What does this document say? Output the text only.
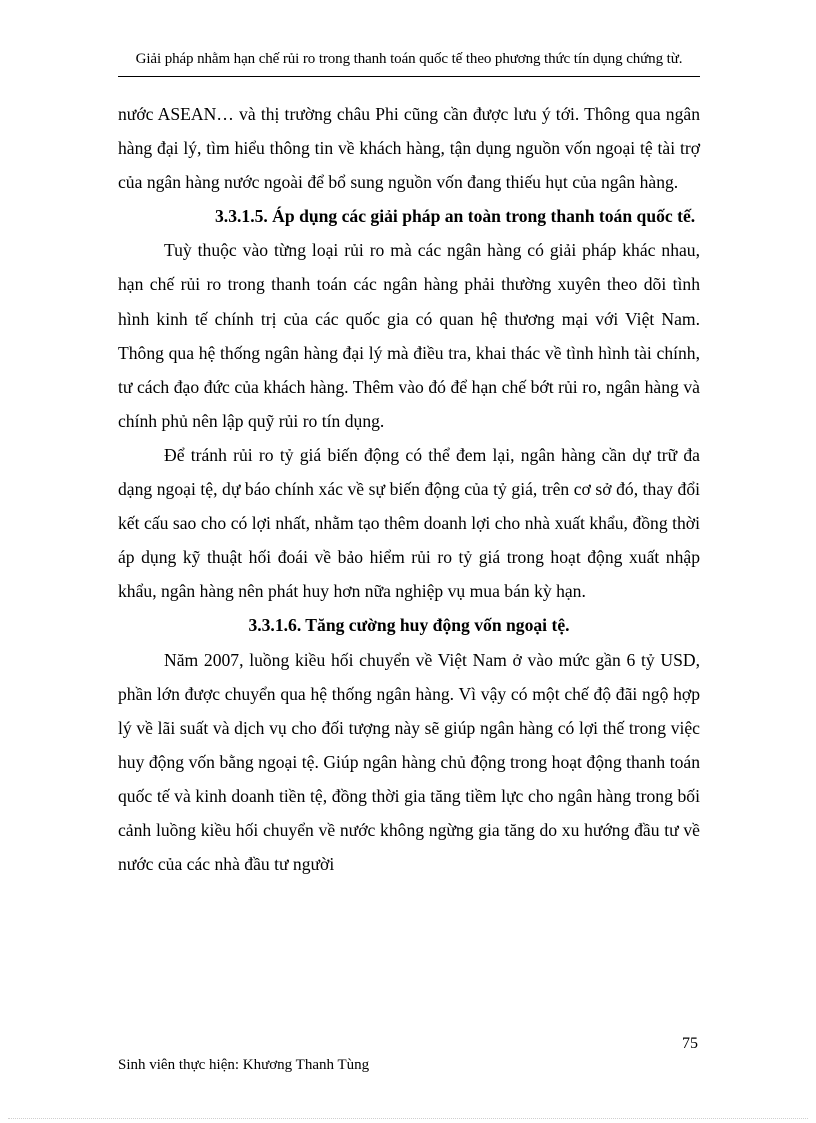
Giải pháp nhằm hạn chế rủi ro trong thanh toán quốc tế theo phương thức tín dụng chứng từ.

nước ASEAN… và thị trường châu Phi cũng cần được lưu ý tới. Thông qua ngân hàng đại lý, tìm hiểu thông tin về khách hàng, tận dụng nguồn vốn ngoại tệ tài trợ của ngân hàng nước ngoài để bổ sung nguồn vốn đang thiếu hụt của ngân hàng.

3.3.1.5. Áp dụng các giải pháp an toàn trong thanh toán quốc tế.

Tuỳ thuộc vào từng loại rủi ro mà các ngân hàng có giải pháp khác nhau, hạn chế rủi ro trong thanh toán các ngân hàng phải thường xuyên theo dõi tình hình kinh tế chính trị của các quốc gia có quan hệ thương mại với Việt Nam. Thông qua hệ thống ngân hàng đại lý mà điều tra, khai thác về tình hình tài chính, tư cách đạo đức của khách hàng. Thêm vào đó để hạn chế bớt rủi ro, ngân hàng và chính phủ nên lập quỹ rủi ro tín dụng.

Để tránh rủi ro tỷ giá biến động có thể đem lại, ngân hàng cần dự trữ đa dạng ngoại tệ, dự báo chính xác về sự biến động của tỷ giá, trên cơ sở đó, thay đổi kết cấu sao cho có lợi nhất, nhằm tạo thêm doanh lợi cho nhà xuất khẩu, đồng thời áp dụng kỹ thuật hối đoái về bảo hiểm rủi ro tỷ giá trong hoạt động xuất nhập khẩu, ngân hàng nên phát huy hơn nữa nghiệp vụ mua bán kỳ hạn.

3.3.1.6. Tăng cường huy động vốn ngoại tệ.

Năm 2007, luồng kiều hối chuyển về Việt Nam ở vào mức gần 6 tỷ USD, phần lớn được chuyển qua hệ thống ngân hàng. Vì vậy có một chế độ đãi ngộ hợp lý về lãi suất và dịch vụ cho đối tượng này sẽ giúp ngân hàng có lợi thế trong việc huy động vốn bằng ngoại tệ. Giúp ngân hàng chủ động trong hoạt động thanh toán quốc tế và kinh doanh tiền tệ, đồng thời gia tăng tiềm lực cho ngân hàng trong bối cảnh luồng kiều hối chuyển về nước không ngừng gia tăng do xu hướng đầu tư về nước của các nhà đầu tư người

75
Sinh viên thực hiện: Khương Thanh Tùng
